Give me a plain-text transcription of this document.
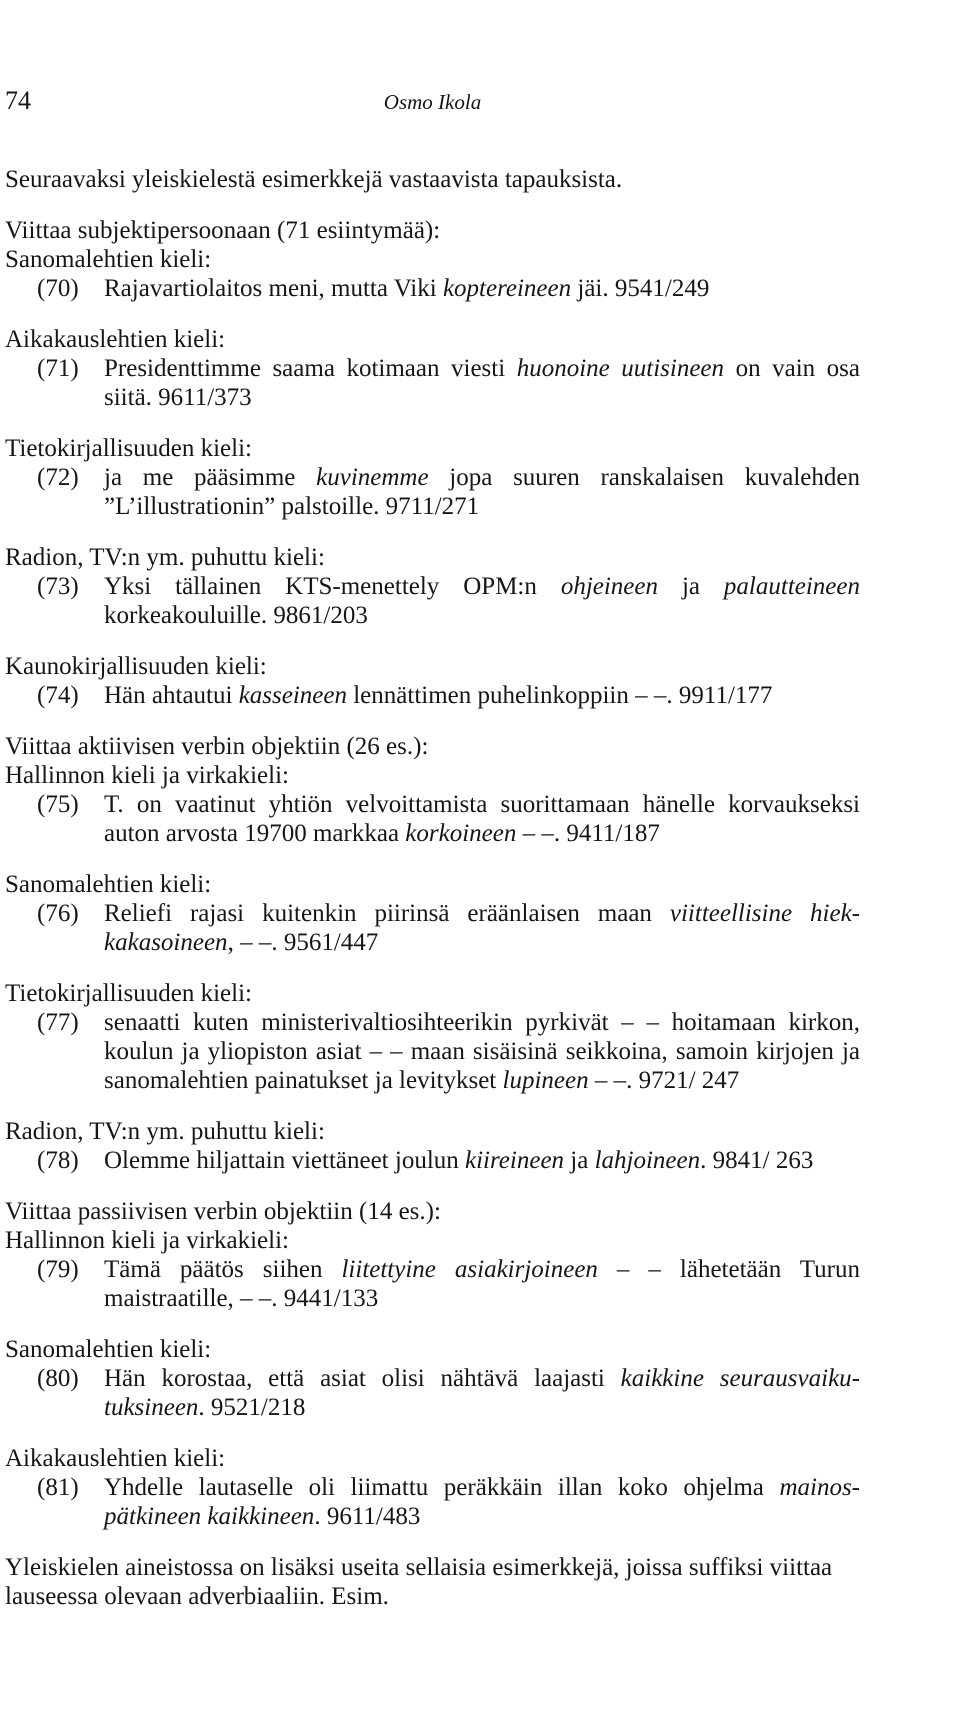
74	Osmo Ikola

Seuraavaksi yleiskielestä esimerkkejä vastaavista tapauksista.

Viittaa subjektipersoonaan (71 esiintymää):

Sanomalehtien kieli:

(70)	Rajavartiolaitos meni, mutta Viki koptereineen jäi. 9541/249

Aikakauslehtien kieli:

(71)	Presidenttimme saama kotimaan viesti huonoine uutisineen on vain osa siitä. 9611/373

Tietokirjallisuuden kieli:

(72)	ja me pääsimme kuvinemme jopa suuren ranskalaisen kuvalehden ”L’illustrationin” palstoille. 9711/271

Radion, TV:n ym. puhuttu kieli:

(73)	Yksi tällainen KTS-menettely OPM:n ohjeineen ja palautteineen korkeakouluille. 9861/203

Kaunokirjallisuuden kieli:

(74)	Hän ahtautui kasseineen lennättimen puhelinkoppiin – –. 9911/177

Viittaa aktiivisen verbin objektiin (26 es.):

Hallinnon kieli ja virkakieli:

(75)	T. on vaatinut yhtiön velvoittamista suorittamaan hänelle korvaukseksi auton arvosta 19700 markkaa korkoineen – –. 9411/187

Sanomalehtien kieli:

(76)	Reliefi rajasi kuitenkin piirinsä eräänlaisen maan viitteellisine hiekkakasoineen, – –. 9561/447

Tietokirjallisuuden kieli:

(77)	senaatti kuten ministerivaltiosihteerikin pyrkivät – – hoitamaan kirkon, koulun ja yliopiston asiat – – maan sisäisinä seikkoina, samoin kirjojen ja sanomalehtien painatukset ja levitykset lupineen – –. 9721/ 247

Radion, TV:n ym. puhuttu kieli:

(78)	Olemme hiljattain viettäneet joulun kiireineen ja lahjoineen. 9841/ 263

Viittaa passiivisen verbin objektiin (14 es.):

Hallinnon kieli ja virkakieli:

(79)	Tämä päätös siihen liitettyine asiakirjoineen – – lähetetään Turun maistraatille, – –. 9441/133

Sanomalehtien kieli:

(80)	Hän korostaa, että asiat olisi nähtävä laajasti kaikkine seurausvaikutuksineen. 9521/218

Aikakauslehtien kieli:

(81)	Yhdelle lautaselle oli liimattu peräkkäin illan koko ohjelma mainospätkineen kaikkineen. 9611/483

Yleiskielen aineistossa on lisäksi useita sellaisia esimerkkejä, joissa suffiksi viittaa lauseessa olevaan adverbiaaliin. Esim.
